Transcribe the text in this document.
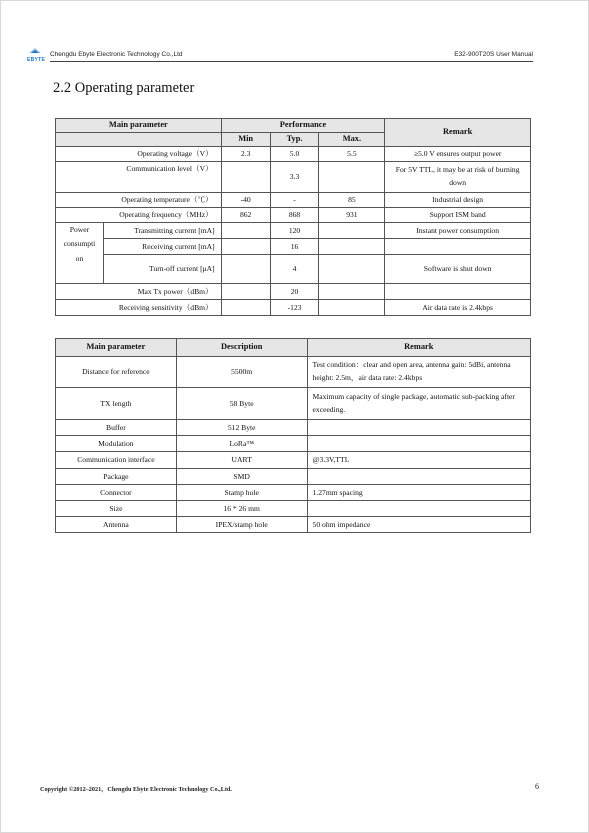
EBYTE
Chengdu Ebyte Electronic Technology Co.,Ltd	E32-900T20S User Manual
2.2 Operating parameter
Main parameter		Performance			Remark
		Min	Typ.	Max.	
Operating voltage（V）		2.3	5.0	5.5	≥5.0 V ensures output power
Communication level（V）			3.3		For 5V TTL, it may be at risk of burning down
Operating temperature（℃）		-40	-	85	Industrial design
Operating frequency（MHz）		862	868	931	Support ISM band
Power consumpti on	Transmitting current [mA]		120		Instant power consumption
	Receiving current [mA]		16		
	Turn-off current [μA]		4		Software is shut down
Max Tx power（dBm）			20		
Receiving sensitivity（dBm）			-123		Air data rate is 2.4kbps
Main parameter	Description	Remark
Distance for reference	5500m	Test condition：clear and open area, antenna gain: 5dBi, antenna height: 2.5m，air data rate: 2.4kbps
TX length	58 Byte	Maximum capacity of single package, automatic sub-packing after exceeding.
Buffer	512 Byte	
Modulation	LoRa™	
Communication interface	UART	@3.3V,TTL
Package	SMD	
Connector	Stamp hole	1.27mm spacing
Size	16 * 26 mm	
Antenna	IPEX/stamp hole	50 ohm impedance
Copyright ©2012–2021，Chengdu Ebyte Electronic Technology Co.,Ltd.	6
